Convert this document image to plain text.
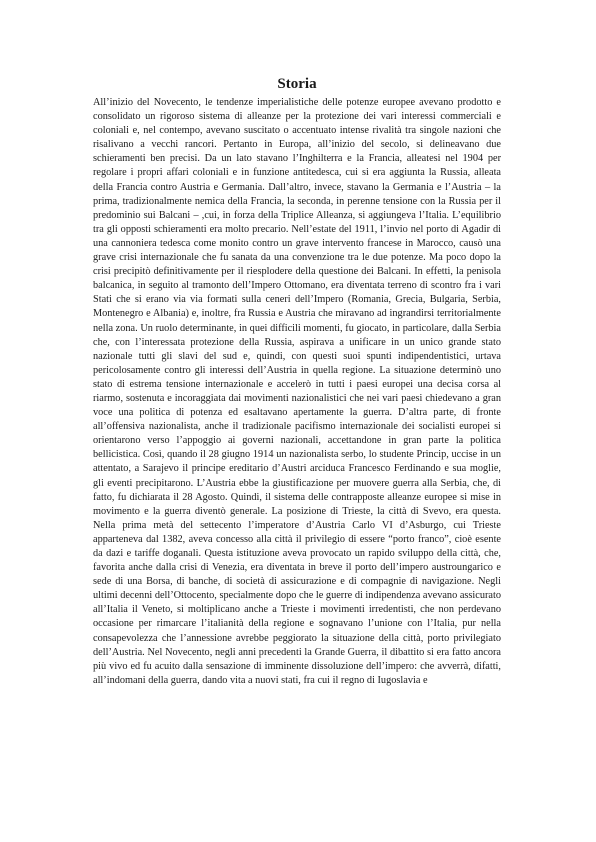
Storia

All’inizio del Novecento, le tendenze imperialistiche delle potenze europee avevano prodotto e consolidato un rigoroso sistema di alleanze per la protezione dei vari interessi commerciali e coloniali e, nel contempo, avevano suscitato o accentuato intense rivalità tra singole nazioni che risalivano a vecchi rancori. Pertanto in Europa, all’inizio del secolo, si delineavano due schieramenti ben precisi. Da un lato stavano l’Inghilterra e la Francia, alleatesi nel 1904 per regolare i propri affari coloniali e in funzione antitedesca, cui si era aggiunta la Russia, alleata della Francia contro Austria e Germania. Dall’altro, invece, stavano la Germania e l’Austria – la prima, tradizionalmente nemica della Francia, la seconda, in perenne tensione con la Russia per il predominio sui Balcani – ,cui, in forza della Triplice Alleanza, si aggiungeva l’Italia. L’equilibrio tra gli opposti schieramenti era molto precario. Nell’estate del 1911, l’invio nel porto di Agadir di una cannoniera tedesca come monito contro un grave intervento francese in Marocco, causò una grave crisi internazionale che fu sanata da una convenzione tra le due potenze. Ma poco dopo la crisi precipitò definitivamente per il riesplodere della questione dei Balcani. In effetti, la penisola balcanica, in seguito al tramonto dell’Impero Ottomano, era diventata terreno di scontro fra i vari Stati che si erano via via formati sulla ceneri dell’Impero (Romania, Grecia, Bulgaria, Serbia, Montenegro e Albania) e, inoltre, fra Russia e Austria che miravano ad ingrandirsi territorialmente nella zona. Un ruolo determinante, in quei difficili momenti, fu giocato, in particolare, dalla Serbia che, con l’interessata protezione della Russia, aspirava a unificare in un unico grande stato nazionale tutti gli slavi del sud e, quindi, con questi suoi spunti indipendentistici, urtava pericolosamente contro gli interessi dell’Austria in quella regione. La situazione determinò uno stato di estrema tensione internazionale e accelerò in tutti i paesi europei una decisa corsa al riarmo, sostenuta e incoraggiata dai movimenti nazionalistici che nei vari paesi chiedevano a gran voce una politica di potenza ed esaltavano apertamente la guerra. D’altra parte, di fronte all’offensiva nazionalista, anche il tradizionale pacifismo internazionale dei socialisti europei si orientarono verso l’appoggio ai governi nazionali, accettandone in gran parte la politica bellicistica. Così, quando il 28 giugno 1914 un nazionalista serbo, lo studente Princip, uccise in un attentato, a Sarajevo il principe ereditario d’Austri arciduca Francesco Ferdinando e sua moglie, gli eventi precipitarono. L’Austria ebbe la giustificazione per muovere guerra alla Serbia, che, di fatto, fu dichiarata il 28 Agosto. Quindi, il sistema delle contrapposte alleanze europee si mise in movimento e la guerra diventò generale. La posizione di Trieste, la città di Svevo, era questa. Nella prima metà del settecento l’imperatore d’Austria Carlo VI d’Asburgo, cui Trieste apparteneva dal 1382, aveva concesso alla città il privilegio di essere “porto franco”, cioè esente da dazi e tariffe doganali. Questa istituzione aveva provocato un rapido sviluppo della città, che, favorita anche dalla crisi di Venezia, era diventata in breve il porto dell’impero austroungarico e sede di una Borsa, di banche, di società di assicurazione e di compagnie di navigazione. Negli ultimi decenni dell’Ottocento, specialmente dopo che le guerre di indipendenza avevano assicurato all’Italia il Veneto, si moltiplicano anche a Trieste i movimenti irredentisti, che non perdevano occasione per rimarcare l’italianità della regione e sognavano l’unione con l’Italia, pur nella consapevolezza che l’annessione avrebbe peggiorato la situazione della città, porto privilegiato dell’Austria. Nel Novecento, negli anni precedenti la Grande Guerra, il dibattito si era fatto ancora più vivo ed fu acuito dalla sensazione di imminente dissoluzione dell’impero: che avverrà, difatti, all’indomani della guerra, dando vita a nuovi stati, fra cui il regno di Iugoslavia e
